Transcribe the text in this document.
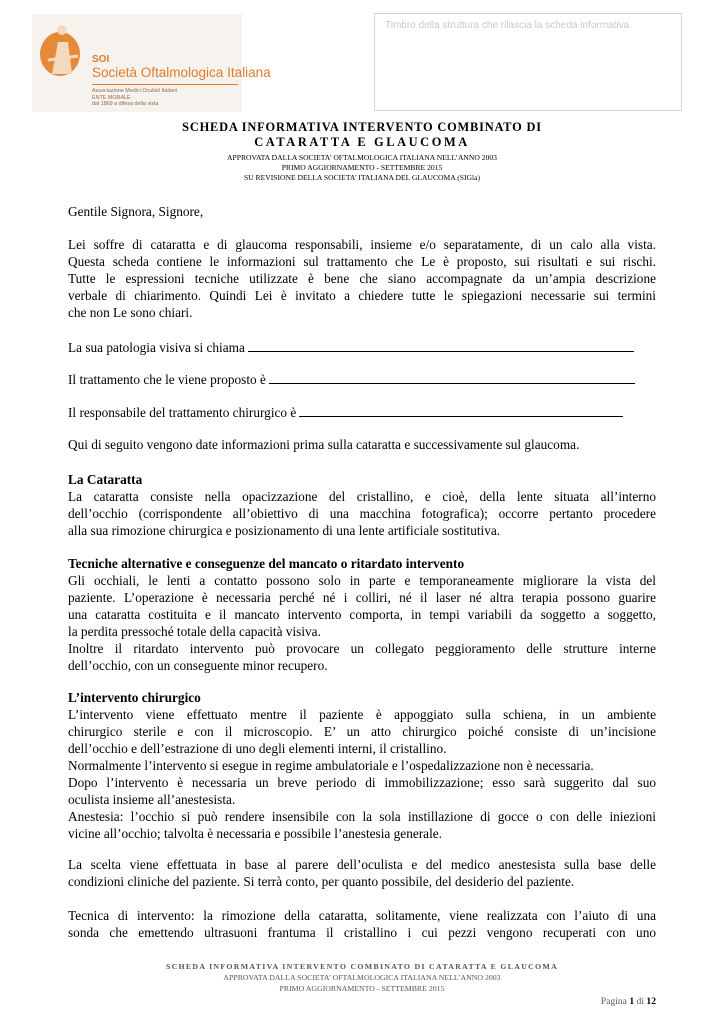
SOI
Società Oftalmologica Italiana
Associazione Medici Oculisti Italiani
ENTE MORALE
dal 1869 a difesa della vista
Timbro della struttura che rilascia la scheda informativa
SCHEDA INFORMATIVA INTERVENTO COMBINATO DI
CATARATTA E GLAUCOMA
APPROVATA DALLA SOCIETA’ OFTALMOLOGICA ITALIANA NELL’ANNO 2003
PRIMO AGGIORNAMENTO - SETTEMBRE 2015
SU REVISIONE DELLA SOCIETA’ ITALIANA DEL GLAUCOMA (SIGla)
Gentile Signora, Signore,
Lei soffre di cataratta e di glaucoma responsabili, insieme e/o separatamente, di un calo alla vista.
Questa scheda contiene le informazioni sul trattamento che Le è proposto, sui risultati e sui rischi.
Tutte le espressioni tecniche utilizzate è bene che siano accompagnate da un’ampia descrizione
verbale di chiarimento. Quindi Lei è invitato a chiedere tutte le spiegazioni necessarie sui termini
che non Le sono chiari.
La sua patologia visiva si chiama
Il trattamento che le viene proposto è
Il responsabile del trattamento chirurgico è
Qui di seguito vengono date informazioni prima sulla cataratta e successivamente sul glaucoma.
La Cataratta
La cataratta consiste nella opacizzazione del cristallino, e cioè, della lente situata all’interno
dell’occhio (corrispondente all’obiettivo di una macchina fotografica); occorre pertanto procedere
alla sua rimozione chirurgica e posizionamento di una lente artificiale sostitutiva.
Tecniche alternative e conseguenze del mancato o ritardato intervento
Gli occhiali, le lenti a contatto possono solo in parte e temporaneamente migliorare la vista del
paziente. L’operazione è necessaria perché né i colliri, né il laser né altra terapia possono guarire
una cataratta costituita e il mancato intervento comporta, in tempi variabili da soggetto a soggetto,
la perdita pressoché totale della capacità visiva.
Inoltre il ritardato intervento può provocare un collegato peggioramento delle strutture interne
dell’occhio, con un conseguente minor recupero.
L’intervento chirurgico
L’intervento viene effettuato mentre il paziente è appoggiato sulla schiena, in un ambiente
chirurgico sterile e con il microscopio. E’ un atto chirurgico poiché consiste di un’incisione
dell’occhio e dell’estrazione di uno degli elementi interni, il cristallino.
Normalmente l’intervento si esegue in regime ambulatoriale e l’ospedalizzazione non è necessaria.
Dopo l’intervento è necessaria un breve periodo di immobilizzazione; esso sarà suggerito dal suo
oculista insieme all’anestesista.
Anestesia: l’occhio si può rendere insensibile con la sola instillazione di gocce o con delle iniezioni
vicine all’occhio; talvolta è necessaria e possibile l’anestesia generale.
La scelta viene effettuata in base al parere dell’oculista e del medico anestesista sulla base delle
condizioni cliniche del paziente. Si terrà conto, per quanto possibile, del desiderio del paziente.
Tecnica di intervento: la rimozione della cataratta, solitamente, viene realizzata con l’aiuto di una
sonda che emettendo ultrasuoni frantuma il cristallino i cui pezzi vengono recuperati con uno
SCHEDA INFORMATIVA INTERVENTO COMBINATO DI CATARATTA E GLAUCOMA
APPROVATA DALLA SOCIETA’ OFTALMOLOGICA ITALIANA NELL’ANNO 2003
PRIMO AGGIORNAMENTO - SETTEMBRE 2015
Pagina 1 di 12
